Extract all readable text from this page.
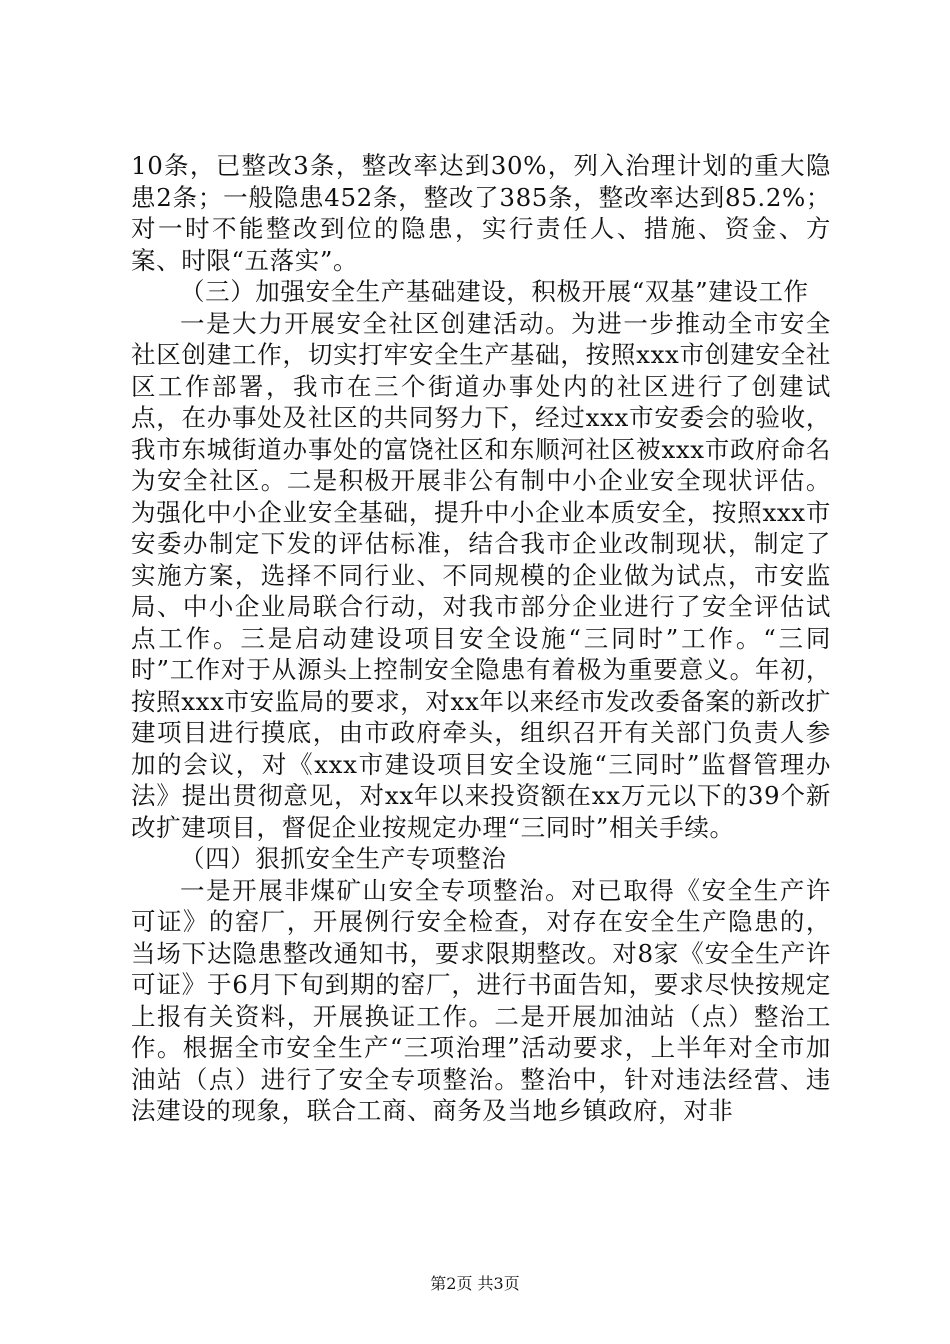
10条，已整改3条，整改率达到30%，列入治理计划的重大隐患2条；一般隐患452条，整改了385条，整改率达到85.2%；对一时不能整改到位的隐患，实行责任人、措施、资金、方案、时限“五落实”。

（三）加强安全生产基础建设，积极开展“双基”建设工作

一是大力开展安全社区创建活动。为进一步推动全市安全社区创建工作，切实打牢安全生产基础，按照xxx市创建安全社区工作部署，我市在三个街道办事处内的社区进行了创建试点，在办事处及社区的共同努力下，经过xxx市安委会的验收，我市东城街道办事处的富饶社区和东顺河社区被xxx市政府命名为安全社区。二是积极开展非公有制中小企业安全现状评估。为强化中小企业安全基础，提升中小企业本质安全，按照xxx市安委办制定下发的评估标准，结合我市企业改制现状，制定了实施方案，选择不同行业、不同规模的企业做为试点，市安监局、中小企业局联合行动，对我市部分企业进行了安全评估试点工作。三是启动建设项目安全设施“三同时”工作。“三同时”工作对于从源头上控制安全隐患有着极为重要意义。年初，按照xxx市安监局的要求，对xx年以来经市发改委备案的新改扩建项目进行摸底，由市政府牵头，组织召开有关部门负责人参加的会议，对《xxx市建设项目安全设施“三同时”监督管理办法》提出贯彻意见，对xx年以来投资额在xx万元以下的39个新改扩建项目，督促企业按规定办理“三同时”相关手续。

（四）狠抓安全生产专项整治

一是开展非煤矿山安全专项整治。对已取得《安全生产许可证》的窑厂，开展例行安全检查，对存在安全生产隐患的，当场下达隐患整改通知书，要求限期整改。对8家《安全生产许可证》于6月下旬到期的窑厂，进行书面告知，要求尽快按规定上报有关资料，开展换证工作。二是开展加油站（点）整治工作。根据全市安全生产“三项治理”活动要求，上半年对全市加油站（点）进行了安全专项整治。整治中，针对违法经营、违法建设的现象，联合工商、商务及当地乡镇政府，对非

第2页 共3页
